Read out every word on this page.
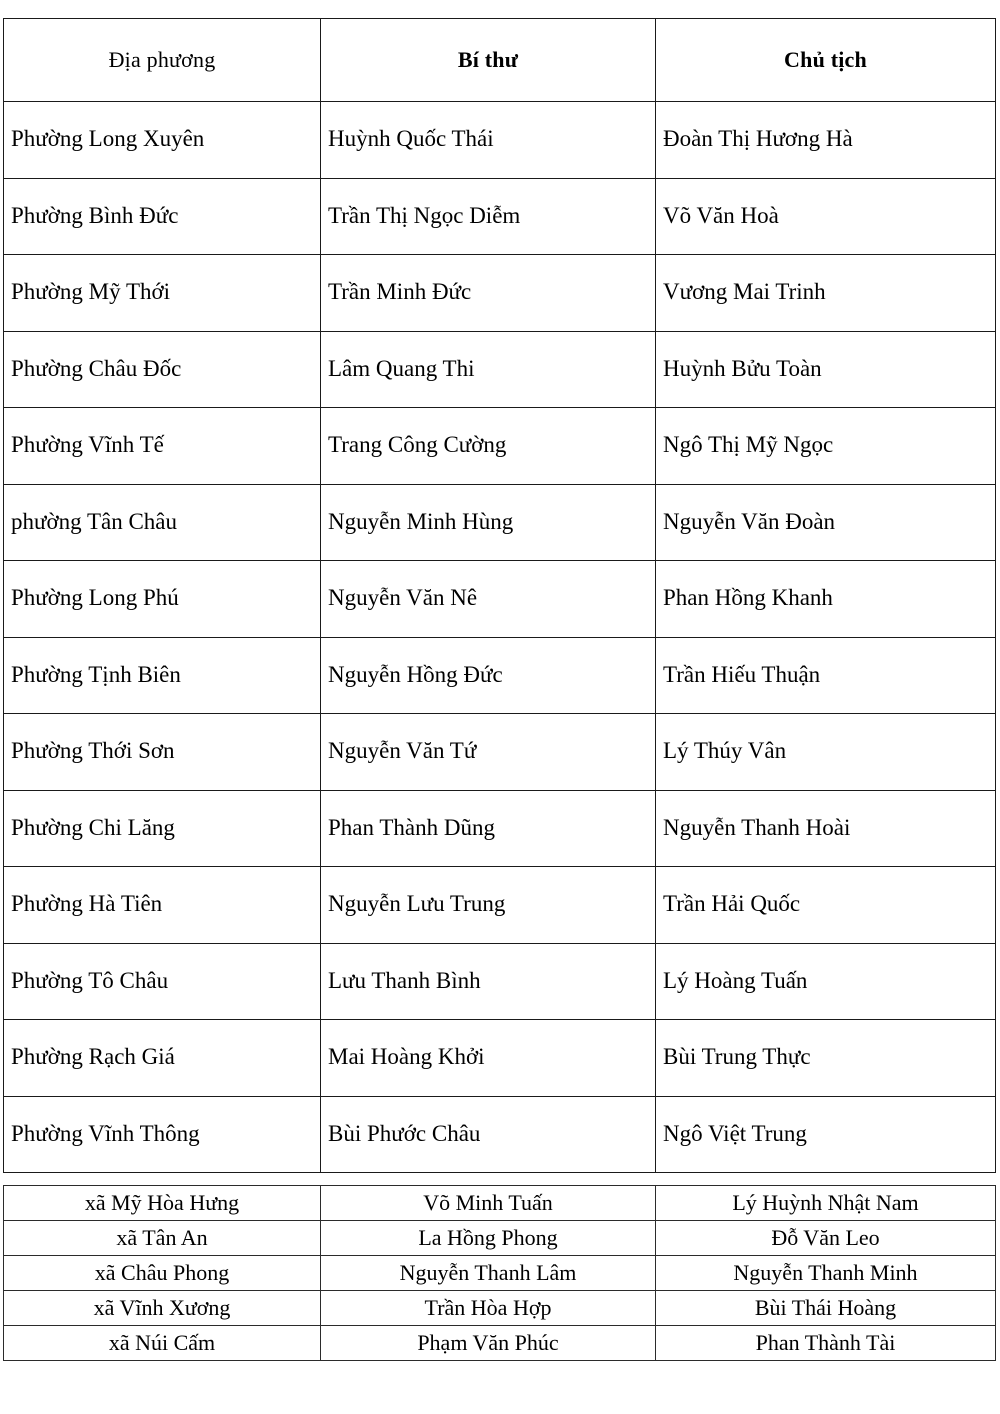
Địa phương	Bí thư	Chủ tịch

Phường Long Xuyên	Huỳnh Quốc Thái	Đoàn Thị Hương Hà

Phường Bình Đức	Trần Thị Ngọc Diễm	Võ Văn Hoà

Phường Mỹ Thới	Trần Minh Đức	Vương Mai Trinh

Phường Châu Đốc	Lâm Quang Thi	Huỳnh Bửu Toàn

Phường Vĩnh Tế	Trang Công Cường	Ngô Thị Mỹ Ngọc

phường Tân Châu	Nguyễn Minh Hùng	Nguyễn Văn Đoàn

Phường Long Phú	Nguyễn Văn Nê	Phan Hồng Khanh

Phường Tịnh Biên	Nguyễn Hồng Đức	Trần Hiếu Thuận

Phường Thới Sơn	Nguyễn Văn Tứ	Lý Thúy Vân

Phường Chi Lăng	Phan Thành Dũng	Nguyễn Thanh Hoài

Phường Hà Tiên	Nguyễn Lưu Trung	Trần Hải Quốc

Phường Tô Châu	Lưu Thanh Bình	Lý Hoàng Tuấn

Phường Rạch Giá	Mai Hoàng Khởi	Bùi Trung Thực

Phường Vĩnh Thông	Bùi Phước Châu	Ngô Việt Trung
xã Mỹ Hòa Hưng	Võ Minh Tuấn	Lý Huỳnh Nhật Nam

xã Tân An	La Hồng Phong	Đỗ Văn Leo

xã Châu Phong	Nguyễn Thanh Lâm	Nguyễn Thanh Minh

xã Vĩnh Xương	Trần Hòa Hợp	Bùi Thái Hoàng

xã Núi Cấm	Phạm Văn Phúc	Phan Thành Tài
